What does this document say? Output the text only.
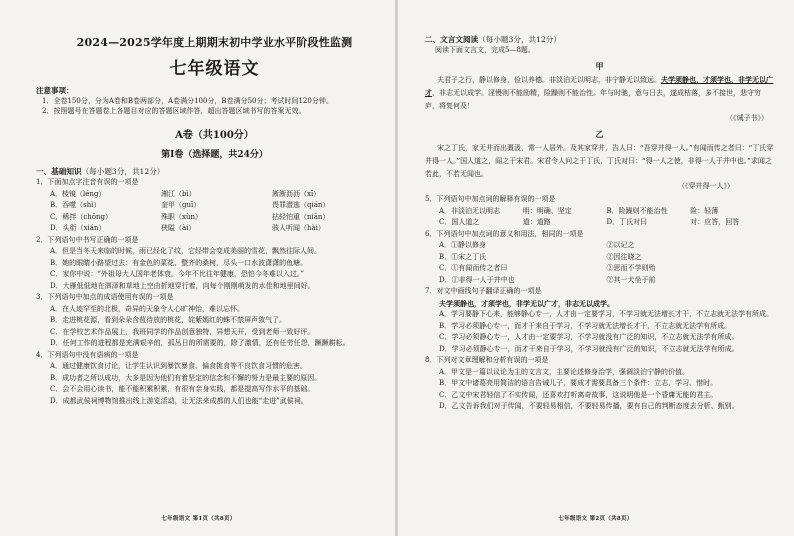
2024—2025学年度上期期末初中学业水平阶段性监测
七年级语文
注意事项：
1．全卷150分，分为A卷和B卷两部分，A卷满分100分，B卷满分50分；考试时间120分钟。
2．按照题号在答题卷上各题目对应的答题区域作答，超出答题区域书写的答案无效。
A卷（共100分）
第Ⅰ卷（选择题，共24分）
一、基础知识（每小题3分，共12分）
1．下面加点字注音有误的一项是
A．棱镜（léng）	湘江（bì）	淅淅沥沥（xī）
B．吞噬（shì）	奎甲（guī）	畏罪潜逃（qián）
C．稀拌（chōng）	殊职（xùn）	拈轻怕重（niān）
D．头衔（xián）	狭隘（ài）	骇人听闻（hài）
2．下列语句中书写正确的一项是
A．但是当冬天来临的时候，雨已经化了纹，它经带会变成美丽的雪花，飘然往际人间。
B．她的眼睛小路望过去：有金色的菜花、整齐的桑树，尽头一口水波潇潇的鱼塘。
C．家你中说：“外祖母大人国年老体衰，今年不比往年健康，恐怕今冬难以入过。”
D．大雁低低地在泗泽和草地上空由折地穿行着，向每个刚刚萌发的水佳和地里间好。
3．下列语句中加点的成语使用有误的一项是
A．在人迹罕至的北极，奇异的天象令人心旷神怡，难以忘怀。
B．走进桃花源，看到朵朵含苞待放的桃花，姹紫嫣红的蛛不禁屏声敛气了。
C．在学校艺术作品展上，我班同学的作品创意独特，异想天开，受到老师一致好评。
D．任何工作的进程都是充满艰辛的，孤丛日的所需要的，除了激情，还有任劳任怨，蹶蹶耕耘。
4．下列语句中没有语病的一项是
A．通过健康饮食讨论，让学生认识到暴饮暴食、偏食挑食等不良饮食习惯的危害。
B．成功者之所以成功，大多是因为他们有着坚定的信念和不懈的努力是最主要的原因。
C．会不会用心读书，能不能积累积累，有很有亲身实践，都是提高写作水平的基础。
D．成都武侯祠博物馆推出线上游览活动，让无法来成都的人们也能“走进”武侯祠。
七年级语文 第1页（共8页）
二、文言文阅读（每小题3分，共12分）
阅读下面文言文，完成5—8题。
甲
夫君子之行，静以修身，俭以养德。非淡泊无以明志，非宁静无以致远。夫学须静也，才须学也，非学无以广才，非志无以成学。淫慢则不能励精，险躁则不能治性。年与时驰，意与日去，遂成枯落，多不接世，悲守穷庐，将复何及！
（《诫子书》）
乙
宋之丁氏，家无井而出溉汲，常一人居外。及其家穿井，告人曰：“吾穿井得一人。”有闻而传之者曰：“丁氏穿井得一人。”国人道之，闻之于宋君。宋君令人问之于丁氏，丁氏对曰：“得一人之使，非得一人于井中也。”求闻之若此，不若无闻也。
（《穿井得一人》）
5．下列语句中加点词的解释有误的一项是
A．非淡泊无以明志	明：明确、坚定	B．险躁则不能治性	险：轻薄
C．国人道之	道：道路	D．丁氏对曰	对：应答，回答
6．下列语句中加点词的意义和用法，相同的一项是
A．①静以修身	②以记之
B．①宋之丁氏	②因往晓之
C．①有闻而传之者曰	②思而不学则殆
D．①非得一人于井中也	②其一犬坐于前
7．对文中画线句子翻译正确的一项是
夫学须静也，才须学也，非学无以广才，非志无以成学。
A．学习要静下心来，能够静心专一，人才由一定要学习，不学习就无法增长才干，不立志就无法学有所成。
B．学习必须静心专一，而才干来自于学习，不学习就无法增长才干，不立志就无法学有所成。
C．学习必须静心专一，人才由一定要学习，不学习就没有广泛的知识，不立志就无法学有所成。
D．学习必须静心专一，而才干来自于学习，不学习就没有广泛的知识，不立志就无法学有所成。
8．下列对文章理解和分析有误的一项是
A．甲文是一篇以议论为主的文言文，主要论述修身治学，强调淡泊宁静的价值。
B．甲文中诸葛亮用简洁的语言告诫儿子，要成才需要具备三个条件：立志、学习、惜时。
C．乙文中宋君轻信了不实传闻，还喜欢打听离奇故事，这说明他是一个昏庸无能的君主。
D．乙文告诉我们对于传闻，不要轻易相信，不要轻易传播，要有自己的判断态度去分析、甄别。
七年级语文 第2页（共8页）
